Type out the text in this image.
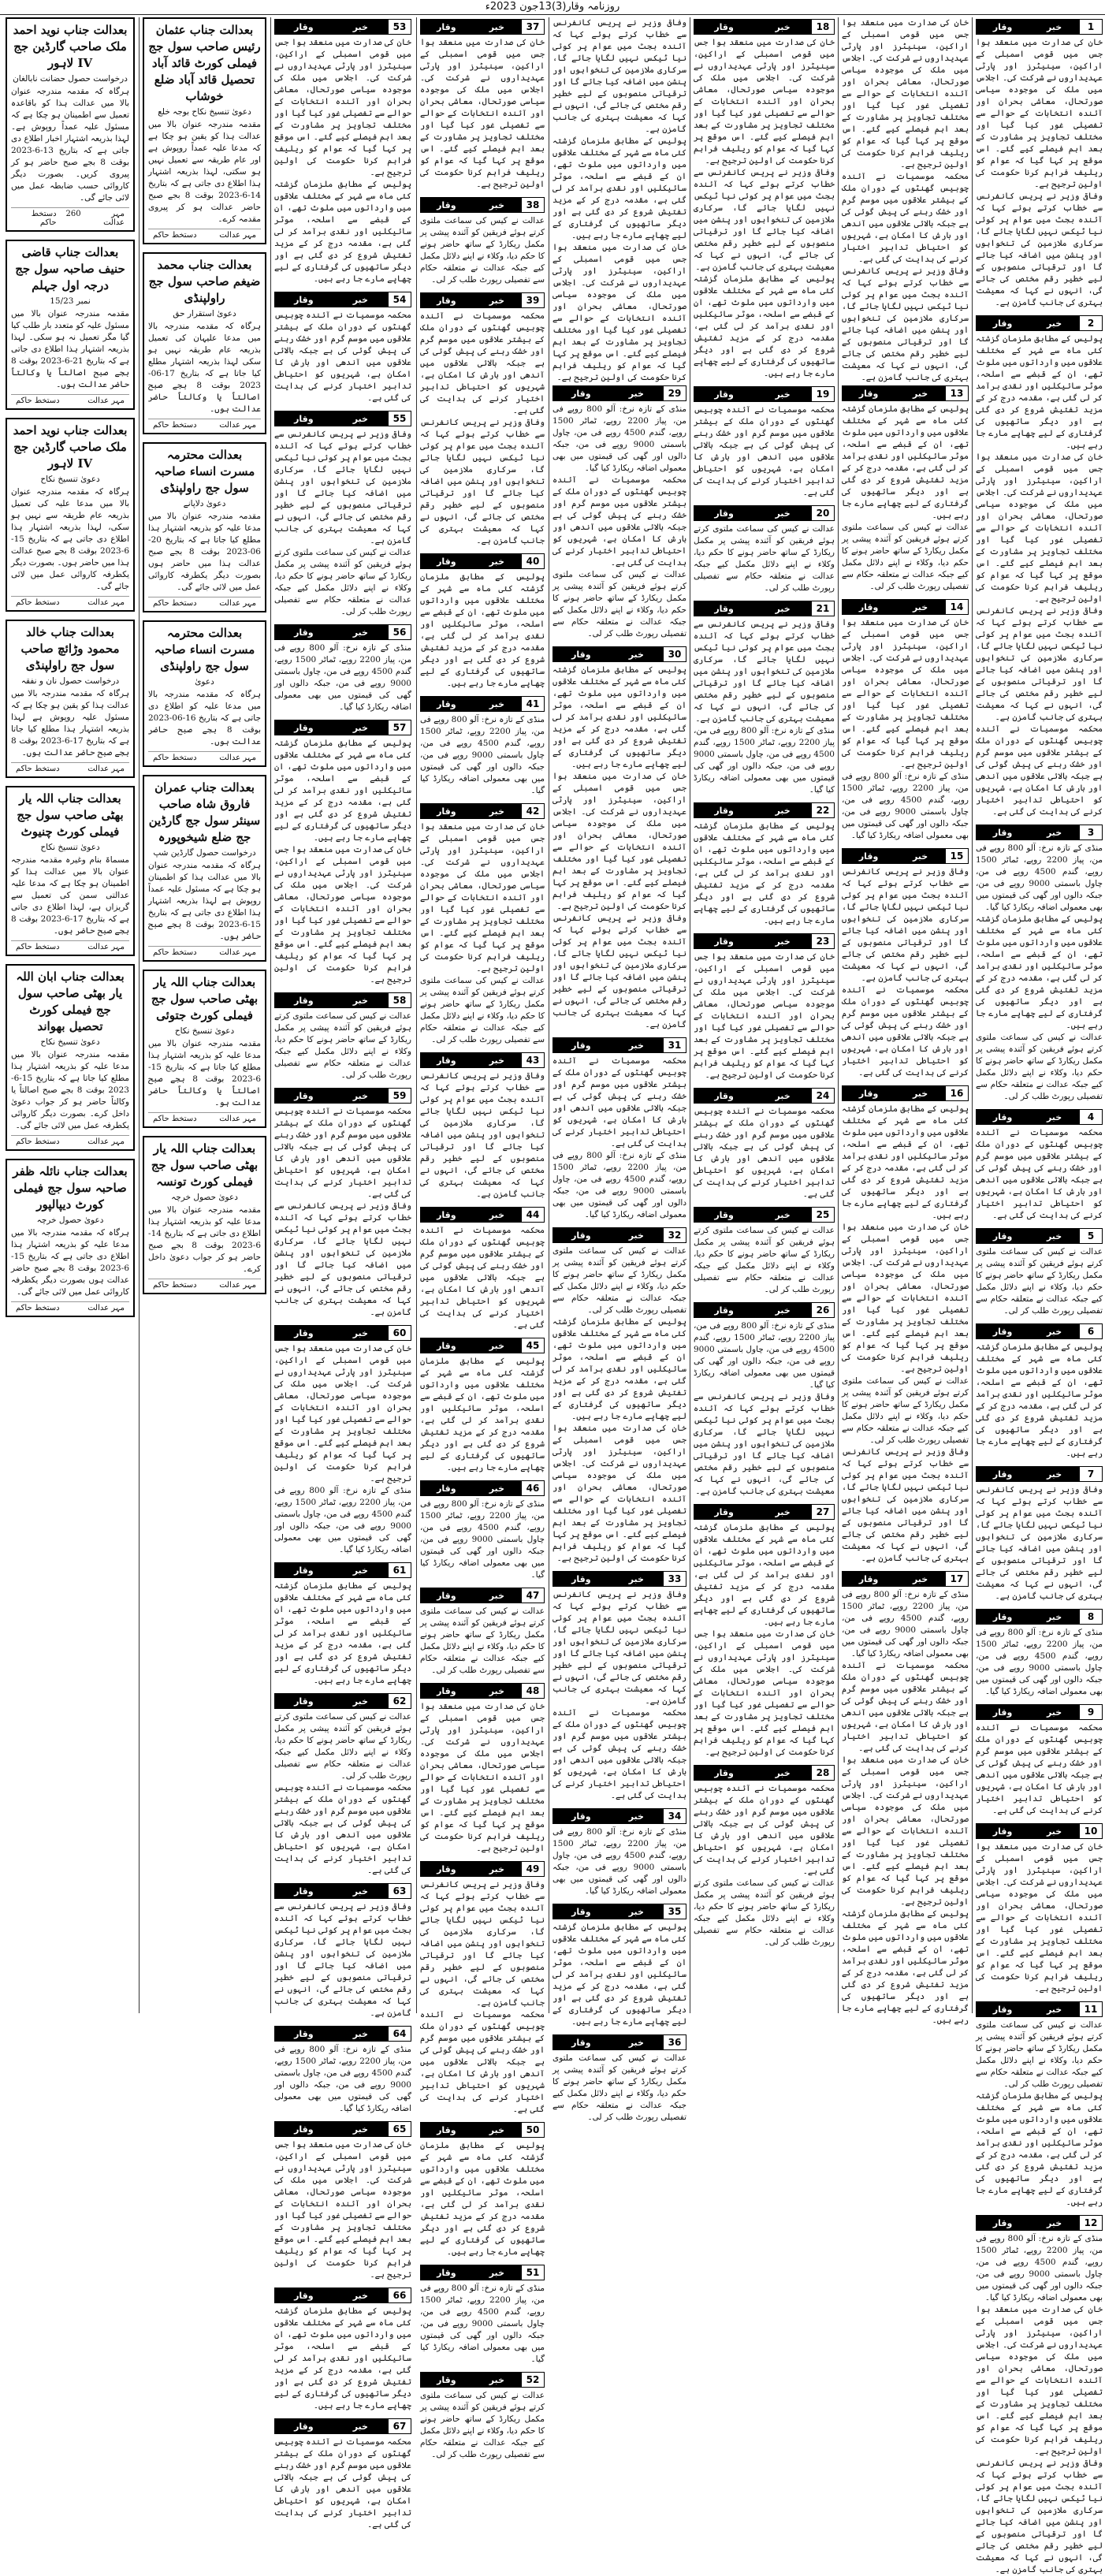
روزنامہ وقار(3)13جون 2023ء
1
خبر
وقار

خان کی صدارت میں منعقد ہوا جس میں قومی اسمبلی کے اراکین، سینیٹرز اور پارٹی عہدیداروں نے شرکت کی۔ اجلاس میں ملک کی موجودہ سیاسی صورتحال، معاشی بحران اور آئندہ انتخابات کے حوالے سے تفصیلی غور کیا گیا اور مختلف تجاویز پر مشاورت کے بعد اہم فیصلے کیے گئے۔ اس موقع پر کہا گیا کہ عوام کو ریلیف فراہم کرنا حکومت کی اولین ترجیح ہے۔

وفاقی وزیر نے پریس کانفرنس سے خطاب کرتے ہوئے کہا کہ آئندہ بجٹ میں عوام پر کوئی نیا ٹیکس نہیں لگایا جائے گا، سرکاری ملازمین کی تنخواہوں اور پنشن میں اضافہ کیا جائے گا اور ترقیاتی منصوبوں کے لیے خطیر رقم مختص کی جائے گی، انہوں نے کہا کہ معیشت بہتری کی جانب گامزن ہے۔

2
خبر
وقار

پولیس کے مطابق ملزمان گزشتہ کئی ماہ سے شہر کے مختلف علاقوں میں وارداتوں میں ملوث تھے، ان کے قبضے سے اسلحہ، موٹر سائیکلیں اور نقدی برآمد کر لی گئی ہے، مقدمہ درج کر کے مزید تفتیش شروع کر دی گئی ہے اور دیگر ساتھیوں کی گرفتاری کے لیے چھاپے مارے جا رہے ہیں۔

خان کی صدارت میں منعقد ہوا جس میں قومی اسمبلی کے اراکین، سینیٹرز اور پارٹی عہدیداروں نے شرکت کی۔ اجلاس میں ملک کی موجودہ سیاسی صورتحال، معاشی بحران اور آئندہ انتخابات کے حوالے سے تفصیلی غور کیا گیا اور مختلف تجاویز پر مشاورت کے بعد اہم فیصلے کیے گئے۔ اس موقع پر کہا گیا کہ عوام کو ریلیف فراہم کرنا حکومت کی اولین ترجیح ہے۔

وفاقی وزیر نے پریس کانفرنس سے خطاب کرتے ہوئے کہا کہ آئندہ بجٹ میں عوام پر کوئی نیا ٹیکس نہیں لگایا جائے گا، سرکاری ملازمین کی تنخواہوں اور پنشن میں اضافہ کیا جائے گا اور ترقیاتی منصوبوں کے لیے خطیر رقم مختص کی جائے گی، انہوں نے کہا کہ معیشت بہتری کی جانب گامزن ہے۔

محکمہ موسمیات نے آئندہ چوبیس گھنٹوں کے دوران ملک کے بیشتر علاقوں میں موسم گرم اور خشک رہنے کی پیش گوئی کی ہے جبکہ بالائی علاقوں میں آندھی اور بارش کا امکان ہے، شہریوں کو احتیاطی تدابیر اختیار کرنے کی ہدایت کی گئی ہے۔

3
خبر
وقار

منڈی کے تازہ نرخ: آلو 800 روپے فی من، پیاز 2200 روپے، ٹماٹر 1500 روپے، گندم 4500 روپے فی من، چاول باسمتی 9000 روپے فی من، جبکہ دالوں اور گھی کی قیمتوں میں بھی معمولی اضافہ ریکارڈ کیا گیا۔

پولیس کے مطابق ملزمان گزشتہ کئی ماہ سے شہر کے مختلف علاقوں میں وارداتوں میں ملوث تھے، ان کے قبضے سے اسلحہ، موٹر سائیکلیں اور نقدی برآمد کر لی گئی ہے، مقدمہ درج کر کے مزید تفتیش شروع کر دی گئی ہے اور دیگر ساتھیوں کی گرفتاری کے لیے چھاپے مارے جا رہے ہیں۔

عدالت نے کیس کی سماعت ملتوی کرتے ہوئے فریقین کو آئندہ پیشی پر مکمل ریکارڈ کے ساتھ حاضر ہونے کا حکم دیا، وکلاء نے اپنے دلائل مکمل کیے جبکہ عدالت نے متعلقہ حکام سے تفصیلی رپورٹ طلب کر لی۔

4
خبر
وقار

محکمہ موسمیات نے آئندہ چوبیس گھنٹوں کے دوران ملک کے بیشتر علاقوں میں موسم گرم اور خشک رہنے کی پیش گوئی کی ہے جبکہ بالائی علاقوں میں آندھی اور بارش کا امکان ہے، شہریوں کو احتیاطی تدابیر اختیار کرنے کی ہدایت کی گئی ہے۔

5
خبر
وقار

عدالت نے کیس کی سماعت ملتوی کرتے ہوئے فریقین کو آئندہ پیشی پر مکمل ریکارڈ کے ساتھ حاضر ہونے کا حکم دیا، وکلاء نے اپنے دلائل مکمل کیے جبکہ عدالت نے متعلقہ حکام سے تفصیلی رپورٹ طلب کر لی۔

6
خبر
وقار

پولیس کے مطابق ملزمان گزشتہ کئی ماہ سے شہر کے مختلف علاقوں میں وارداتوں میں ملوث تھے، ان کے قبضے سے اسلحہ، موٹر سائیکلیں اور نقدی برآمد کر لی گئی ہے، مقدمہ درج کر کے مزید تفتیش شروع کر دی گئی ہے اور دیگر ساتھیوں کی گرفتاری کے لیے چھاپے مارے جا رہے ہیں۔

7
خبر
وقار

وفاقی وزیر نے پریس کانفرنس سے خطاب کرتے ہوئے کہا کہ آئندہ بجٹ میں عوام پر کوئی نیا ٹیکس نہیں لگایا جائے گا، سرکاری ملازمین کی تنخواہوں اور پنشن میں اضافہ کیا جائے گا اور ترقیاتی منصوبوں کے لیے خطیر رقم مختص کی جائے گی، انہوں نے کہا کہ معیشت بہتری کی جانب گامزن ہے۔

8
خبر
وقار

منڈی کے تازہ نرخ: آلو 800 روپے فی من، پیاز 2200 روپے، ٹماٹر 1500 روپے، گندم 4500 روپے فی من، چاول باسمتی 9000 روپے فی من، جبکہ دالوں اور گھی کی قیمتوں میں بھی معمولی اضافہ ریکارڈ کیا گیا۔

9
خبر
وقار

محکمہ موسمیات نے آئندہ چوبیس گھنٹوں کے دوران ملک کے بیشتر علاقوں میں موسم گرم اور خشک رہنے کی پیش گوئی کی ہے جبکہ بالائی علاقوں میں آندھی اور بارش کا امکان ہے، شہریوں کو احتیاطی تدابیر اختیار کرنے کی ہدایت کی گئی ہے۔

10
خبر
وقار

خان کی صدارت میں منعقد ہوا جس میں قومی اسمبلی کے اراکین، سینیٹرز اور پارٹی عہدیداروں نے شرکت کی۔ اجلاس میں ملک کی موجودہ سیاسی صورتحال، معاشی بحران اور آئندہ انتخابات کے حوالے سے تفصیلی غور کیا گیا اور مختلف تجاویز پر مشاورت کے بعد اہم فیصلے کیے گئے۔ اس موقع پر کہا گیا کہ عوام کو ریلیف فراہم کرنا حکومت کی اولین ترجیح ہے۔

11
خبر
وقار

عدالت نے کیس کی سماعت ملتوی کرتے ہوئے فریقین کو آئندہ پیشی پر مکمل ریکارڈ کے ساتھ حاضر ہونے کا حکم دیا، وکلاء نے اپنے دلائل مکمل کیے جبکہ عدالت نے متعلقہ حکام سے تفصیلی رپورٹ طلب کر لی۔

پولیس کے مطابق ملزمان گزشتہ کئی ماہ سے شہر کے مختلف علاقوں میں وارداتوں میں ملوث تھے، ان کے قبضے سے اسلحہ، موٹر سائیکلیں اور نقدی برآمد کر لی گئی ہے، مقدمہ درج کر کے مزید تفتیش شروع کر دی گئی ہے اور دیگر ساتھیوں کی گرفتاری کے لیے چھاپے مارے جا رہے ہیں۔

12
خبر
وقار

منڈی کے تازہ نرخ: آلو 800 روپے فی من، پیاز 2200 روپے، ٹماٹر 1500 روپے، گندم 4500 روپے فی من، چاول باسمتی 9000 روپے فی من، جبکہ دالوں اور گھی کی قیمتوں میں بھی معمولی اضافہ ریکارڈ کیا گیا۔

خان کی صدارت میں منعقد ہوا جس میں قومی اسمبلی کے اراکین، سینیٹرز اور پارٹی عہدیداروں نے شرکت کی۔ اجلاس میں ملک کی موجودہ سیاسی صورتحال، معاشی بحران اور آئندہ انتخابات کے حوالے سے تفصیلی غور کیا گیا اور مختلف تجاویز پر مشاورت کے بعد اہم فیصلے کیے گئے۔ اس موقع پر کہا گیا کہ عوام کو ریلیف فراہم کرنا حکومت کی اولین ترجیح ہے۔

وفاقی وزیر نے پریس کانفرنس سے خطاب کرتے ہوئے کہا کہ آئندہ بجٹ میں عوام پر کوئی نیا ٹیکس نہیں لگایا جائے گا، سرکاری ملازمین کی تنخواہوں اور پنشن میں اضافہ کیا جائے گا اور ترقیاتی منصوبوں کے لیے خطیر رقم مختص کی جائے گی، انہوں نے کہا کہ معیشت بہتری کی جانب گامزن ہے۔

خان کی صدارت میں منعقد ہوا جس میں قومی اسمبلی کے اراکین، سینیٹرز اور پارٹی عہدیداروں نے شرکت کی۔ اجلاس میں ملک کی موجودہ سیاسی صورتحال، معاشی بحران اور آئندہ انتخابات کے حوالے سے تفصیلی غور کیا گیا اور مختلف تجاویز پر مشاورت کے بعد اہم فیصلے کیے گئے۔ اس موقع پر کہا گیا کہ عوام کو ریلیف فراہم کرنا حکومت کی اولین ترجیح ہے۔

محکمہ موسمیات نے آئندہ چوبیس گھنٹوں کے دوران ملک کے بیشتر علاقوں میں موسم گرم اور خشک رہنے کی پیش گوئی کی ہے جبکہ بالائی علاقوں میں آندھی اور بارش کا امکان ہے، شہریوں کو احتیاطی تدابیر اختیار کرنے کی ہدایت کی گئی ہے۔

وفاقی وزیر نے پریس کانفرنس سے خطاب کرتے ہوئے کہا کہ آئندہ بجٹ میں عوام پر کوئی نیا ٹیکس نہیں لگایا جائے گا، سرکاری ملازمین کی تنخواہوں اور پنشن میں اضافہ کیا جائے گا اور ترقیاتی منصوبوں کے لیے خطیر رقم مختص کی جائے گی، انہوں نے کہا کہ معیشت بہتری کی جانب گامزن ہے۔

13
خبر
وقار

پولیس کے مطابق ملزمان گزشتہ کئی ماہ سے شہر کے مختلف علاقوں میں وارداتوں میں ملوث تھے، ان کے قبضے سے اسلحہ، موٹر سائیکلیں اور نقدی برآمد کر لی گئی ہے، مقدمہ درج کر کے مزید تفتیش شروع کر دی گئی ہے اور دیگر ساتھیوں کی گرفتاری کے لیے چھاپے مارے جا رہے ہیں۔

عدالت نے کیس کی سماعت ملتوی کرتے ہوئے فریقین کو آئندہ پیشی پر مکمل ریکارڈ کے ساتھ حاضر ہونے کا حکم دیا، وکلاء نے اپنے دلائل مکمل کیے جبکہ عدالت نے متعلقہ حکام سے تفصیلی رپورٹ طلب کر لی۔

14
خبر
وقار

خان کی صدارت میں منعقد ہوا جس میں قومی اسمبلی کے اراکین، سینیٹرز اور پارٹی عہدیداروں نے شرکت کی۔ اجلاس میں ملک کی موجودہ سیاسی صورتحال، معاشی بحران اور آئندہ انتخابات کے حوالے سے تفصیلی غور کیا گیا اور مختلف تجاویز پر مشاورت کے بعد اہم فیصلے کیے گئے۔ اس موقع پر کہا گیا کہ عوام کو ریلیف فراہم کرنا حکومت کی اولین ترجیح ہے۔

منڈی کے تازہ نرخ: آلو 800 روپے فی من، پیاز 2200 روپے، ٹماٹر 1500 روپے، گندم 4500 روپے فی من، چاول باسمتی 9000 روپے فی من، جبکہ دالوں اور گھی کی قیمتوں میں بھی معمولی اضافہ ریکارڈ کیا گیا۔

15
خبر
وقار

وفاقی وزیر نے پریس کانفرنس سے خطاب کرتے ہوئے کہا کہ آئندہ بجٹ میں عوام پر کوئی نیا ٹیکس نہیں لگایا جائے گا، سرکاری ملازمین کی تنخواہوں اور پنشن میں اضافہ کیا جائے گا اور ترقیاتی منصوبوں کے لیے خطیر رقم مختص کی جائے گی، انہوں نے کہا کہ معیشت بہتری کی جانب گامزن ہے۔

محکمہ موسمیات نے آئندہ چوبیس گھنٹوں کے دوران ملک کے بیشتر علاقوں میں موسم گرم اور خشک رہنے کی پیش گوئی کی ہے جبکہ بالائی علاقوں میں آندھی اور بارش کا امکان ہے، شہریوں کو احتیاطی تدابیر اختیار کرنے کی ہدایت کی گئی ہے۔

16
خبر
وقار

پولیس کے مطابق ملزمان گزشتہ کئی ماہ سے شہر کے مختلف علاقوں میں وارداتوں میں ملوث تھے، ان کے قبضے سے اسلحہ، موٹر سائیکلیں اور نقدی برآمد کر لی گئی ہے، مقدمہ درج کر کے مزید تفتیش شروع کر دی گئی ہے اور دیگر ساتھیوں کی گرفتاری کے لیے چھاپے مارے جا رہے ہیں۔

خان کی صدارت میں منعقد ہوا جس میں قومی اسمبلی کے اراکین، سینیٹرز اور پارٹی عہدیداروں نے شرکت کی۔ اجلاس میں ملک کی موجودہ سیاسی صورتحال، معاشی بحران اور آئندہ انتخابات کے حوالے سے تفصیلی غور کیا گیا اور مختلف تجاویز پر مشاورت کے بعد اہم فیصلے کیے گئے۔ اس موقع پر کہا گیا کہ عوام کو ریلیف فراہم کرنا حکومت کی اولین ترجیح ہے۔

عدالت نے کیس کی سماعت ملتوی کرتے ہوئے فریقین کو آئندہ پیشی پر مکمل ریکارڈ کے ساتھ حاضر ہونے کا حکم دیا، وکلاء نے اپنے دلائل مکمل کیے جبکہ عدالت نے متعلقہ حکام سے تفصیلی رپورٹ طلب کر لی۔

وفاقی وزیر نے پریس کانفرنس سے خطاب کرتے ہوئے کہا کہ آئندہ بجٹ میں عوام پر کوئی نیا ٹیکس نہیں لگایا جائے گا، سرکاری ملازمین کی تنخواہوں اور پنشن میں اضافہ کیا جائے گا اور ترقیاتی منصوبوں کے لیے خطیر رقم مختص کی جائے گی، انہوں نے کہا کہ معیشت بہتری کی جانب گامزن ہے۔

17
خبر
وقار

منڈی کے تازہ نرخ: آلو 800 روپے فی من، پیاز 2200 روپے، ٹماٹر 1500 روپے، گندم 4500 روپے فی من، چاول باسمتی 9000 روپے فی من، جبکہ دالوں اور گھی کی قیمتوں میں بھی معمولی اضافہ ریکارڈ کیا گیا۔

محکمہ موسمیات نے آئندہ چوبیس گھنٹوں کے دوران ملک کے بیشتر علاقوں میں موسم گرم اور خشک رہنے کی پیش گوئی کی ہے جبکہ بالائی علاقوں میں آندھی اور بارش کا امکان ہے، شہریوں کو احتیاطی تدابیر اختیار کرنے کی ہدایت کی گئی ہے۔

خان کی صدارت میں منعقد ہوا جس میں قومی اسمبلی کے اراکین، سینیٹرز اور پارٹی عہدیداروں نے شرکت کی۔ اجلاس میں ملک کی موجودہ سیاسی صورتحال، معاشی بحران اور آئندہ انتخابات کے حوالے سے تفصیلی غور کیا گیا اور مختلف تجاویز پر مشاورت کے بعد اہم فیصلے کیے گئے۔ اس موقع پر کہا گیا کہ عوام کو ریلیف فراہم کرنا حکومت کی اولین ترجیح ہے۔

پولیس کے مطابق ملزمان گزشتہ کئی ماہ سے شہر کے مختلف علاقوں میں وارداتوں میں ملوث تھے، ان کے قبضے سے اسلحہ، موٹر سائیکلیں اور نقدی برآمد کر لی گئی ہے، مقدمہ درج کر کے مزید تفتیش شروع کر دی گئی ہے اور دیگر ساتھیوں کی گرفتاری کے لیے چھاپے مارے جا رہے ہیں۔

18
خبر
وقار

خان کی صدارت میں منعقد ہوا جس میں قومی اسمبلی کے اراکین، سینیٹرز اور پارٹی عہدیداروں نے شرکت کی۔ اجلاس میں ملک کی موجودہ سیاسی صورتحال، معاشی بحران اور آئندہ انتخابات کے حوالے سے تفصیلی غور کیا گیا اور مختلف تجاویز پر مشاورت کے بعد اہم فیصلے کیے گئے۔ اس موقع پر کہا گیا کہ عوام کو ریلیف فراہم کرنا حکومت کی اولین ترجیح ہے۔

وفاقی وزیر نے پریس کانفرنس سے خطاب کرتے ہوئے کہا کہ آئندہ بجٹ میں عوام پر کوئی نیا ٹیکس نہیں لگایا جائے گا، سرکاری ملازمین کی تنخواہوں اور پنشن میں اضافہ کیا جائے گا اور ترقیاتی منصوبوں کے لیے خطیر رقم مختص کی جائے گی، انہوں نے کہا کہ معیشت بہتری کی جانب گامزن ہے۔

پولیس کے مطابق ملزمان گزشتہ کئی ماہ سے شہر کے مختلف علاقوں میں وارداتوں میں ملوث تھے، ان کے قبضے سے اسلحہ، موٹر سائیکلیں اور نقدی برآمد کر لی گئی ہے، مقدمہ درج کر کے مزید تفتیش شروع کر دی گئی ہے اور دیگر ساتھیوں کی گرفتاری کے لیے چھاپے مارے جا رہے ہیں۔

19
خبر
وقار

محکمہ موسمیات نے آئندہ چوبیس گھنٹوں کے دوران ملک کے بیشتر علاقوں میں موسم گرم اور خشک رہنے کی پیش گوئی کی ہے جبکہ بالائی علاقوں میں آندھی اور بارش کا امکان ہے، شہریوں کو احتیاطی تدابیر اختیار کرنے کی ہدایت کی گئی ہے۔

20
خبر
وقار

عدالت نے کیس کی سماعت ملتوی کرتے ہوئے فریقین کو آئندہ پیشی پر مکمل ریکارڈ کے ساتھ حاضر ہونے کا حکم دیا، وکلاء نے اپنے دلائل مکمل کیے جبکہ عدالت نے متعلقہ حکام سے تفصیلی رپورٹ طلب کر لی۔

21
خبر
وقار

وفاقی وزیر نے پریس کانفرنس سے خطاب کرتے ہوئے کہا کہ آئندہ بجٹ میں عوام پر کوئی نیا ٹیکس نہیں لگایا جائے گا، سرکاری ملازمین کی تنخواہوں اور پنشن میں اضافہ کیا جائے گا اور ترقیاتی منصوبوں کے لیے خطیر رقم مختص کی جائے گی، انہوں نے کہا کہ معیشت بہتری کی جانب گامزن ہے۔

منڈی کے تازہ نرخ: آلو 800 روپے فی من، پیاز 2200 روپے، ٹماٹر 1500 روپے، گندم 4500 روپے فی من، چاول باسمتی 9000 روپے فی من، جبکہ دالوں اور گھی کی قیمتوں میں بھی معمولی اضافہ ریکارڈ کیا گیا۔

22
خبر
وقار

پولیس کے مطابق ملزمان گزشتہ کئی ماہ سے شہر کے مختلف علاقوں میں وارداتوں میں ملوث تھے، ان کے قبضے سے اسلحہ، موٹر سائیکلیں اور نقدی برآمد کر لی گئی ہے، مقدمہ درج کر کے مزید تفتیش شروع کر دی گئی ہے اور دیگر ساتھیوں کی گرفتاری کے لیے چھاپے مارے جا رہے ہیں۔

23
خبر
وقار

خان کی صدارت میں منعقد ہوا جس میں قومی اسمبلی کے اراکین، سینیٹرز اور پارٹی عہدیداروں نے شرکت کی۔ اجلاس میں ملک کی موجودہ سیاسی صورتحال، معاشی بحران اور آئندہ انتخابات کے حوالے سے تفصیلی غور کیا گیا اور مختلف تجاویز پر مشاورت کے بعد اہم فیصلے کیے گئے۔ اس موقع پر کہا گیا کہ عوام کو ریلیف فراہم کرنا حکومت کی اولین ترجیح ہے۔

24
خبر
وقار

محکمہ موسمیات نے آئندہ چوبیس گھنٹوں کے دوران ملک کے بیشتر علاقوں میں موسم گرم اور خشک رہنے کی پیش گوئی کی ہے جبکہ بالائی علاقوں میں آندھی اور بارش کا امکان ہے، شہریوں کو احتیاطی تدابیر اختیار کرنے کی ہدایت کی گئی ہے۔

25
خبر
وقار

عدالت نے کیس کی سماعت ملتوی کرتے ہوئے فریقین کو آئندہ پیشی پر مکمل ریکارڈ کے ساتھ حاضر ہونے کا حکم دیا، وکلاء نے اپنے دلائل مکمل کیے جبکہ عدالت نے متعلقہ حکام سے تفصیلی رپورٹ طلب کر لی۔

26
خبر
وقار

منڈی کے تازہ نرخ: آلو 800 روپے فی من، پیاز 2200 روپے، ٹماٹر 1500 روپے، گندم 4500 روپے فی من، چاول باسمتی 9000 روپے فی من، جبکہ دالوں اور گھی کی قیمتوں میں بھی معمولی اضافہ ریکارڈ کیا گیا۔

وفاقی وزیر نے پریس کانفرنس سے خطاب کرتے ہوئے کہا کہ آئندہ بجٹ میں عوام پر کوئی نیا ٹیکس نہیں لگایا جائے گا، سرکاری ملازمین کی تنخواہوں اور پنشن میں اضافہ کیا جائے گا اور ترقیاتی منصوبوں کے لیے خطیر رقم مختص کی جائے گی، انہوں نے کہا کہ معیشت بہتری کی جانب گامزن ہے۔

27
خبر
وقار

پولیس کے مطابق ملزمان گزشتہ کئی ماہ سے شہر کے مختلف علاقوں میں وارداتوں میں ملوث تھے، ان کے قبضے سے اسلحہ، موٹر سائیکلیں اور نقدی برآمد کر لی گئی ہے، مقدمہ درج کر کے مزید تفتیش شروع کر دی گئی ہے اور دیگر ساتھیوں کی گرفتاری کے لیے چھاپے مارے جا رہے ہیں۔

خان کی صدارت میں منعقد ہوا جس میں قومی اسمبلی کے اراکین، سینیٹرز اور پارٹی عہدیداروں نے شرکت کی۔ اجلاس میں ملک کی موجودہ سیاسی صورتحال، معاشی بحران اور آئندہ انتخابات کے حوالے سے تفصیلی غور کیا گیا اور مختلف تجاویز پر مشاورت کے بعد اہم فیصلے کیے گئے۔ اس موقع پر کہا گیا کہ عوام کو ریلیف فراہم کرنا حکومت کی اولین ترجیح ہے۔

28
خبر
وقار

محکمہ موسمیات نے آئندہ چوبیس گھنٹوں کے دوران ملک کے بیشتر علاقوں میں موسم گرم اور خشک رہنے کی پیش گوئی کی ہے جبکہ بالائی علاقوں میں آندھی اور بارش کا امکان ہے، شہریوں کو احتیاطی تدابیر اختیار کرنے کی ہدایت کی گئی ہے۔

عدالت نے کیس کی سماعت ملتوی کرتے ہوئے فریقین کو آئندہ پیشی پر مکمل ریکارڈ کے ساتھ حاضر ہونے کا حکم دیا، وکلاء نے اپنے دلائل مکمل کیے جبکہ عدالت نے متعلقہ حکام سے تفصیلی رپورٹ طلب کر لی۔

وفاقی وزیر نے پریس کانفرنس سے خطاب کرتے ہوئے کہا کہ آئندہ بجٹ میں عوام پر کوئی نیا ٹیکس نہیں لگایا جائے گا، سرکاری ملازمین کی تنخواہوں اور پنشن میں اضافہ کیا جائے گا اور ترقیاتی منصوبوں کے لیے خطیر رقم مختص کی جائے گی، انہوں نے کہا کہ معیشت بہتری کی جانب گامزن ہے۔

پولیس کے مطابق ملزمان گزشتہ کئی ماہ سے شہر کے مختلف علاقوں میں وارداتوں میں ملوث تھے، ان کے قبضے سے اسلحہ، موٹر سائیکلیں اور نقدی برآمد کر لی گئی ہے، مقدمہ درج کر کے مزید تفتیش شروع کر دی گئی ہے اور دیگر ساتھیوں کی گرفتاری کے لیے چھاپے مارے جا رہے ہیں۔

خان کی صدارت میں منعقد ہوا جس میں قومی اسمبلی کے اراکین، سینیٹرز اور پارٹی عہدیداروں نے شرکت کی۔ اجلاس میں ملک کی موجودہ سیاسی صورتحال، معاشی بحران اور آئندہ انتخابات کے حوالے سے تفصیلی غور کیا گیا اور مختلف تجاویز پر مشاورت کے بعد اہم فیصلے کیے گئے۔ اس موقع پر کہا گیا کہ عوام کو ریلیف فراہم کرنا حکومت کی اولین ترجیح ہے۔

29
خبر
وقار

منڈی کے تازہ نرخ: آلو 800 روپے فی من، پیاز 2200 روپے، ٹماٹر 1500 روپے، گندم 4500 روپے فی من، چاول باسمتی 9000 روپے فی من، جبکہ دالوں اور گھی کی قیمتوں میں بھی معمولی اضافہ ریکارڈ کیا گیا۔

محکمہ موسمیات نے آئندہ چوبیس گھنٹوں کے دوران ملک کے بیشتر علاقوں میں موسم گرم اور خشک رہنے کی پیش گوئی کی ہے جبکہ بالائی علاقوں میں آندھی اور بارش کا امکان ہے، شہریوں کو احتیاطی تدابیر اختیار کرنے کی ہدایت کی گئی ہے۔

عدالت نے کیس کی سماعت ملتوی کرتے ہوئے فریقین کو آئندہ پیشی پر مکمل ریکارڈ کے ساتھ حاضر ہونے کا حکم دیا، وکلاء نے اپنے دلائل مکمل کیے جبکہ عدالت نے متعلقہ حکام سے تفصیلی رپورٹ طلب کر لی۔

30
خبر
وقار

پولیس کے مطابق ملزمان گزشتہ کئی ماہ سے شہر کے مختلف علاقوں میں وارداتوں میں ملوث تھے، ان کے قبضے سے اسلحہ، موٹر سائیکلیں اور نقدی برآمد کر لی گئی ہے، مقدمہ درج کر کے مزید تفتیش شروع کر دی گئی ہے اور دیگر ساتھیوں کی گرفتاری کے لیے چھاپے مارے جا رہے ہیں۔

خان کی صدارت میں منعقد ہوا جس میں قومی اسمبلی کے اراکین، سینیٹرز اور پارٹی عہدیداروں نے شرکت کی۔ اجلاس میں ملک کی موجودہ سیاسی صورتحال، معاشی بحران اور آئندہ انتخابات کے حوالے سے تفصیلی غور کیا گیا اور مختلف تجاویز پر مشاورت کے بعد اہم فیصلے کیے گئے۔ اس موقع پر کہا گیا کہ عوام کو ریلیف فراہم کرنا حکومت کی اولین ترجیح ہے۔

وفاقی وزیر نے پریس کانفرنس سے خطاب کرتے ہوئے کہا کہ آئندہ بجٹ میں عوام پر کوئی نیا ٹیکس نہیں لگایا جائے گا، سرکاری ملازمین کی تنخواہوں اور پنشن میں اضافہ کیا جائے گا اور ترقیاتی منصوبوں کے لیے خطیر رقم مختص کی جائے گی، انہوں نے کہا کہ معیشت بہتری کی جانب گامزن ہے۔

31
خبر
وقار

محکمہ موسمیات نے آئندہ چوبیس گھنٹوں کے دوران ملک کے بیشتر علاقوں میں موسم گرم اور خشک رہنے کی پیش گوئی کی ہے جبکہ بالائی علاقوں میں آندھی اور بارش کا امکان ہے، شہریوں کو احتیاطی تدابیر اختیار کرنے کی ہدایت کی گئی ہے۔

منڈی کے تازہ نرخ: آلو 800 روپے فی من، پیاز 2200 روپے، ٹماٹر 1500 روپے، گندم 4500 روپے فی من، چاول باسمتی 9000 روپے فی من، جبکہ دالوں اور گھی کی قیمتوں میں بھی معمولی اضافہ ریکارڈ کیا گیا۔

32
خبر
وقار

عدالت نے کیس کی سماعت ملتوی کرتے ہوئے فریقین کو آئندہ پیشی پر مکمل ریکارڈ کے ساتھ حاضر ہونے کا حکم دیا، وکلاء نے اپنے دلائل مکمل کیے جبکہ عدالت نے متعلقہ حکام سے تفصیلی رپورٹ طلب کر لی۔

پولیس کے مطابق ملزمان گزشتہ کئی ماہ سے شہر کے مختلف علاقوں میں وارداتوں میں ملوث تھے، ان کے قبضے سے اسلحہ، موٹر سائیکلیں اور نقدی برآمد کر لی گئی ہے، مقدمہ درج کر کے مزید تفتیش شروع کر دی گئی ہے اور دیگر ساتھیوں کی گرفتاری کے لیے چھاپے مارے جا رہے ہیں۔

خان کی صدارت میں منعقد ہوا جس میں قومی اسمبلی کے اراکین، سینیٹرز اور پارٹی عہدیداروں نے شرکت کی۔ اجلاس میں ملک کی موجودہ سیاسی صورتحال، معاشی بحران اور آئندہ انتخابات کے حوالے سے تفصیلی غور کیا گیا اور مختلف تجاویز پر مشاورت کے بعد اہم فیصلے کیے گئے۔ اس موقع پر کہا گیا کہ عوام کو ریلیف فراہم کرنا حکومت کی اولین ترجیح ہے۔

33
خبر
وقار

وفاقی وزیر نے پریس کانفرنس سے خطاب کرتے ہوئے کہا کہ آئندہ بجٹ میں عوام پر کوئی نیا ٹیکس نہیں لگایا جائے گا، سرکاری ملازمین کی تنخواہوں اور پنشن میں اضافہ کیا جائے گا اور ترقیاتی منصوبوں کے لیے خطیر رقم مختص کی جائے گی، انہوں نے کہا کہ معیشت بہتری کی جانب گامزن ہے۔

محکمہ موسمیات نے آئندہ چوبیس گھنٹوں کے دوران ملک کے بیشتر علاقوں میں موسم گرم اور خشک رہنے کی پیش گوئی کی ہے جبکہ بالائی علاقوں میں آندھی اور بارش کا امکان ہے، شہریوں کو احتیاطی تدابیر اختیار کرنے کی ہدایت کی گئی ہے۔

34
خبر
وقار

منڈی کے تازہ نرخ: آلو 800 روپے فی من، پیاز 2200 روپے، ٹماٹر 1500 روپے، گندم 4500 روپے فی من، چاول باسمتی 9000 روپے فی من، جبکہ دالوں اور گھی کی قیمتوں میں بھی معمولی اضافہ ریکارڈ کیا گیا۔

35
خبر
وقار

پولیس کے مطابق ملزمان گزشتہ کئی ماہ سے شہر کے مختلف علاقوں میں وارداتوں میں ملوث تھے، ان کے قبضے سے اسلحہ، موٹر سائیکلیں اور نقدی برآمد کر لی گئی ہے، مقدمہ درج کر کے مزید تفتیش شروع کر دی گئی ہے اور دیگر ساتھیوں کی گرفتاری کے لیے چھاپے مارے جا رہے ہیں۔

36
خبر
وقار

عدالت نے کیس کی سماعت ملتوی کرتے ہوئے فریقین کو آئندہ پیشی پر مکمل ریکارڈ کے ساتھ حاضر ہونے کا حکم دیا، وکلاء نے اپنے دلائل مکمل کیے جبکہ عدالت نے متعلقہ حکام سے تفصیلی رپورٹ طلب کر لی۔

37
خبر
وقار

خان کی صدارت میں منعقد ہوا جس میں قومی اسمبلی کے اراکین، سینیٹرز اور پارٹی عہدیداروں نے شرکت کی۔ اجلاس میں ملک کی موجودہ سیاسی صورتحال، معاشی بحران اور آئندہ انتخابات کے حوالے سے تفصیلی غور کیا گیا اور مختلف تجاویز پر مشاورت کے بعد اہم فیصلے کیے گئے۔ اس موقع پر کہا گیا کہ عوام کو ریلیف فراہم کرنا حکومت کی اولین ترجیح ہے۔

38
خبر
وقار

عدالت نے کیس کی سماعت ملتوی کرتے ہوئے فریقین کو آئندہ پیشی پر مکمل ریکارڈ کے ساتھ حاضر ہونے کا حکم دیا، وکلاء نے اپنے دلائل مکمل کیے جبکہ عدالت نے متعلقہ حکام سے تفصیلی رپورٹ طلب کر لی۔

39
خبر
وقار

محکمہ موسمیات نے آئندہ چوبیس گھنٹوں کے دوران ملک کے بیشتر علاقوں میں موسم گرم اور خشک رہنے کی پیش گوئی کی ہے جبکہ بالائی علاقوں میں آندھی اور بارش کا امکان ہے، شہریوں کو احتیاطی تدابیر اختیار کرنے کی ہدایت کی گئی ہے۔

وفاقی وزیر نے پریس کانفرنس سے خطاب کرتے ہوئے کہا کہ آئندہ بجٹ میں عوام پر کوئی نیا ٹیکس نہیں لگایا جائے گا، سرکاری ملازمین کی تنخواہوں اور پنشن میں اضافہ کیا جائے گا اور ترقیاتی منصوبوں کے لیے خطیر رقم مختص کی جائے گی، انہوں نے کہا کہ معیشت بہتری کی جانب گامزن ہے۔

40
خبر
وقار

پولیس کے مطابق ملزمان گزشتہ کئی ماہ سے شہر کے مختلف علاقوں میں وارداتوں میں ملوث تھے، ان کے قبضے سے اسلحہ، موٹر سائیکلیں اور نقدی برآمد کر لی گئی ہے، مقدمہ درج کر کے مزید تفتیش شروع کر دی گئی ہے اور دیگر ساتھیوں کی گرفتاری کے لیے چھاپے مارے جا رہے ہیں۔

41
خبر
وقار

منڈی کے تازہ نرخ: آلو 800 روپے فی من، پیاز 2200 روپے، ٹماٹر 1500 روپے، گندم 4500 روپے فی من، چاول باسمتی 9000 روپے فی من، جبکہ دالوں اور گھی کی قیمتوں میں بھی معمولی اضافہ ریکارڈ کیا گیا۔

42
خبر
وقار

خان کی صدارت میں منعقد ہوا جس میں قومی اسمبلی کے اراکین، سینیٹرز اور پارٹی عہدیداروں نے شرکت کی۔ اجلاس میں ملک کی موجودہ سیاسی صورتحال، معاشی بحران اور آئندہ انتخابات کے حوالے سے تفصیلی غور کیا گیا اور مختلف تجاویز پر مشاورت کے بعد اہم فیصلے کیے گئے۔ اس موقع پر کہا گیا کہ عوام کو ریلیف فراہم کرنا حکومت کی اولین ترجیح ہے۔

عدالت نے کیس کی سماعت ملتوی کرتے ہوئے فریقین کو آئندہ پیشی پر مکمل ریکارڈ کے ساتھ حاضر ہونے کا حکم دیا، وکلاء نے اپنے دلائل مکمل کیے جبکہ عدالت نے متعلقہ حکام سے تفصیلی رپورٹ طلب کر لی۔

43
خبر
وقار

وفاقی وزیر نے پریس کانفرنس سے خطاب کرتے ہوئے کہا کہ آئندہ بجٹ میں عوام پر کوئی نیا ٹیکس نہیں لگایا جائے گا، سرکاری ملازمین کی تنخواہوں اور پنشن میں اضافہ کیا جائے گا اور ترقیاتی منصوبوں کے لیے خطیر رقم مختص کی جائے گی، انہوں نے کہا کہ معیشت بہتری کی جانب گامزن ہے۔

44
خبر
وقار

محکمہ موسمیات نے آئندہ چوبیس گھنٹوں کے دوران ملک کے بیشتر علاقوں میں موسم گرم اور خشک رہنے کی پیش گوئی کی ہے جبکہ بالائی علاقوں میں آندھی اور بارش کا امکان ہے، شہریوں کو احتیاطی تدابیر اختیار کرنے کی ہدایت کی گئی ہے۔

45
خبر
وقار

پولیس کے مطابق ملزمان گزشتہ کئی ماہ سے شہر کے مختلف علاقوں میں وارداتوں میں ملوث تھے، ان کے قبضے سے اسلحہ، موٹر سائیکلیں اور نقدی برآمد کر لی گئی ہے، مقدمہ درج کر کے مزید تفتیش شروع کر دی گئی ہے اور دیگر ساتھیوں کی گرفتاری کے لیے چھاپے مارے جا رہے ہیں۔

46
خبر
وقار

منڈی کے تازہ نرخ: آلو 800 روپے فی من، پیاز 2200 روپے، ٹماٹر 1500 روپے، گندم 4500 روپے فی من، چاول باسمتی 9000 روپے فی من، جبکہ دالوں اور گھی کی قیمتوں میں بھی معمولی اضافہ ریکارڈ کیا گیا۔

47
خبر
وقار

عدالت نے کیس کی سماعت ملتوی کرتے ہوئے فریقین کو آئندہ پیشی پر مکمل ریکارڈ کے ساتھ حاضر ہونے کا حکم دیا، وکلاء نے اپنے دلائل مکمل کیے جبکہ عدالت نے متعلقہ حکام سے تفصیلی رپورٹ طلب کر لی۔

48
خبر
وقار

خان کی صدارت میں منعقد ہوا جس میں قومی اسمبلی کے اراکین، سینیٹرز اور پارٹی عہدیداروں نے شرکت کی۔ اجلاس میں ملک کی موجودہ سیاسی صورتحال، معاشی بحران اور آئندہ انتخابات کے حوالے سے تفصیلی غور کیا گیا اور مختلف تجاویز پر مشاورت کے بعد اہم فیصلے کیے گئے۔ اس موقع پر کہا گیا کہ عوام کو ریلیف فراہم کرنا حکومت کی اولین ترجیح ہے۔

49
خبر
وقار

وفاقی وزیر نے پریس کانفرنس سے خطاب کرتے ہوئے کہا کہ آئندہ بجٹ میں عوام پر کوئی نیا ٹیکس نہیں لگایا جائے گا، سرکاری ملازمین کی تنخواہوں اور پنشن میں اضافہ کیا جائے گا اور ترقیاتی منصوبوں کے لیے خطیر رقم مختص کی جائے گی، انہوں نے کہا کہ معیشت بہتری کی جانب گامزن ہے۔

محکمہ موسمیات نے آئندہ چوبیس گھنٹوں کے دوران ملک کے بیشتر علاقوں میں موسم گرم اور خشک رہنے کی پیش گوئی کی ہے جبکہ بالائی علاقوں میں آندھی اور بارش کا امکان ہے، شہریوں کو احتیاطی تدابیر اختیار کرنے کی ہدایت کی گئی ہے۔

50
خبر
وقار

پولیس کے مطابق ملزمان گزشتہ کئی ماہ سے شہر کے مختلف علاقوں میں وارداتوں میں ملوث تھے، ان کے قبضے سے اسلحہ، موٹر سائیکلیں اور نقدی برآمد کر لی گئی ہے، مقدمہ درج کر کے مزید تفتیش شروع کر دی گئی ہے اور دیگر ساتھیوں کی گرفتاری کے لیے چھاپے مارے جا رہے ہیں۔

51
خبر
وقار

منڈی کے تازہ نرخ: آلو 800 روپے فی من، پیاز 2200 روپے، ٹماٹر 1500 روپے، گندم 4500 روپے فی من، چاول باسمتی 9000 روپے فی من، جبکہ دالوں اور گھی کی قیمتوں میں بھی معمولی اضافہ ریکارڈ کیا گیا۔

52
خبر
وقار

عدالت نے کیس کی سماعت ملتوی کرتے ہوئے فریقین کو آئندہ پیشی پر مکمل ریکارڈ کے ساتھ حاضر ہونے کا حکم دیا، وکلاء نے اپنے دلائل مکمل کیے جبکہ عدالت نے متعلقہ حکام سے تفصیلی رپورٹ طلب کر لی۔

53
خبر
وقار

خان کی صدارت میں منعقد ہوا جس میں قومی اسمبلی کے اراکین، سینیٹرز اور پارٹی عہدیداروں نے شرکت کی۔ اجلاس میں ملک کی موجودہ سیاسی صورتحال، معاشی بحران اور آئندہ انتخابات کے حوالے سے تفصیلی غور کیا گیا اور مختلف تجاویز پر مشاورت کے بعد اہم فیصلے کیے گئے۔ اس موقع پر کہا گیا کہ عوام کو ریلیف فراہم کرنا حکومت کی اولین ترجیح ہے۔

پولیس کے مطابق ملزمان گزشتہ کئی ماہ سے شہر کے مختلف علاقوں میں وارداتوں میں ملوث تھے، ان کے قبضے سے اسلحہ، موٹر سائیکلیں اور نقدی برآمد کر لی گئی ہے، مقدمہ درج کر کے مزید تفتیش شروع کر دی گئی ہے اور دیگر ساتھیوں کی گرفتاری کے لیے چھاپے مارے جا رہے ہیں۔

54
خبر
وقار

محکمہ موسمیات نے آئندہ چوبیس گھنٹوں کے دوران ملک کے بیشتر علاقوں میں موسم گرم اور خشک رہنے کی پیش گوئی کی ہے جبکہ بالائی علاقوں میں آندھی اور بارش کا امکان ہے، شہریوں کو احتیاطی تدابیر اختیار کرنے کی ہدایت کی گئی ہے۔

55
خبر
وقار

وفاقی وزیر نے پریس کانفرنس سے خطاب کرتے ہوئے کہا کہ آئندہ بجٹ میں عوام پر کوئی نیا ٹیکس نہیں لگایا جائے گا، سرکاری ملازمین کی تنخواہوں اور پنشن میں اضافہ کیا جائے گا اور ترقیاتی منصوبوں کے لیے خطیر رقم مختص کی جائے گی، انہوں نے کہا کہ معیشت بہتری کی جانب گامزن ہے۔

عدالت نے کیس کی سماعت ملتوی کرتے ہوئے فریقین کو آئندہ پیشی پر مکمل ریکارڈ کے ساتھ حاضر ہونے کا حکم دیا، وکلاء نے اپنے دلائل مکمل کیے جبکہ عدالت نے متعلقہ حکام سے تفصیلی رپورٹ طلب کر لی۔

56
خبر
وقار

منڈی کے تازہ نرخ: آلو 800 روپے فی من، پیاز 2200 روپے، ٹماٹر 1500 روپے، گندم 4500 روپے فی من، چاول باسمتی 9000 روپے فی من، جبکہ دالوں اور گھی کی قیمتوں میں بھی معمولی اضافہ ریکارڈ کیا گیا۔

57
خبر
وقار

پولیس کے مطابق ملزمان گزشتہ کئی ماہ سے شہر کے مختلف علاقوں میں وارداتوں میں ملوث تھے، ان کے قبضے سے اسلحہ، موٹر سائیکلیں اور نقدی برآمد کر لی گئی ہے، مقدمہ درج کر کے مزید تفتیش شروع کر دی گئی ہے اور دیگر ساتھیوں کی گرفتاری کے لیے چھاپے مارے جا رہے ہیں۔

خان کی صدارت میں منعقد ہوا جس میں قومی اسمبلی کے اراکین، سینیٹرز اور پارٹی عہدیداروں نے شرکت کی۔ اجلاس میں ملک کی موجودہ سیاسی صورتحال، معاشی بحران اور آئندہ انتخابات کے حوالے سے تفصیلی غور کیا گیا اور مختلف تجاویز پر مشاورت کے بعد اہم فیصلے کیے گئے۔ اس موقع پر کہا گیا کہ عوام کو ریلیف فراہم کرنا حکومت کی اولین ترجیح ہے۔

58
خبر
وقار

عدالت نے کیس کی سماعت ملتوی کرتے ہوئے فریقین کو آئندہ پیشی پر مکمل ریکارڈ کے ساتھ حاضر ہونے کا حکم دیا، وکلاء نے اپنے دلائل مکمل کیے جبکہ عدالت نے متعلقہ حکام سے تفصیلی رپورٹ طلب کر لی۔

59
خبر
وقار

محکمہ موسمیات نے آئندہ چوبیس گھنٹوں کے دوران ملک کے بیشتر علاقوں میں موسم گرم اور خشک رہنے کی پیش گوئی کی ہے جبکہ بالائی علاقوں میں آندھی اور بارش کا امکان ہے، شہریوں کو احتیاطی تدابیر اختیار کرنے کی ہدایت کی گئی ہے۔

وفاقی وزیر نے پریس کانفرنس سے خطاب کرتے ہوئے کہا کہ آئندہ بجٹ میں عوام پر کوئی نیا ٹیکس نہیں لگایا جائے گا، سرکاری ملازمین کی تنخواہوں اور پنشن میں اضافہ کیا جائے گا اور ترقیاتی منصوبوں کے لیے خطیر رقم مختص کی جائے گی، انہوں نے کہا کہ معیشت بہتری کی جانب گامزن ہے۔

60
خبر
وقار

خان کی صدارت میں منعقد ہوا جس میں قومی اسمبلی کے اراکین، سینیٹرز اور پارٹی عہدیداروں نے شرکت کی۔ اجلاس میں ملک کی موجودہ سیاسی صورتحال، معاشی بحران اور آئندہ انتخابات کے حوالے سے تفصیلی غور کیا گیا اور مختلف تجاویز پر مشاورت کے بعد اہم فیصلے کیے گئے۔ اس موقع پر کہا گیا کہ عوام کو ریلیف فراہم کرنا حکومت کی اولین ترجیح ہے۔

منڈی کے تازہ نرخ: آلو 800 روپے فی من، پیاز 2200 روپے، ٹماٹر 1500 روپے، گندم 4500 روپے فی من، چاول باسمتی 9000 روپے فی من، جبکہ دالوں اور گھی کی قیمتوں میں بھی معمولی اضافہ ریکارڈ کیا گیا۔

61
خبر
وقار

پولیس کے مطابق ملزمان گزشتہ کئی ماہ سے شہر کے مختلف علاقوں میں وارداتوں میں ملوث تھے، ان کے قبضے سے اسلحہ، موٹر سائیکلیں اور نقدی برآمد کر لی گئی ہے، مقدمہ درج کر کے مزید تفتیش شروع کر دی گئی ہے اور دیگر ساتھیوں کی گرفتاری کے لیے چھاپے مارے جا رہے ہیں۔

62
خبر
وقار

عدالت نے کیس کی سماعت ملتوی کرتے ہوئے فریقین کو آئندہ پیشی پر مکمل ریکارڈ کے ساتھ حاضر ہونے کا حکم دیا، وکلاء نے اپنے دلائل مکمل کیے جبکہ عدالت نے متعلقہ حکام سے تفصیلی رپورٹ طلب کر لی۔

محکمہ موسمیات نے آئندہ چوبیس گھنٹوں کے دوران ملک کے بیشتر علاقوں میں موسم گرم اور خشک رہنے کی پیش گوئی کی ہے جبکہ بالائی علاقوں میں آندھی اور بارش کا امکان ہے، شہریوں کو احتیاطی تدابیر اختیار کرنے کی ہدایت کی گئی ہے۔

63
خبر
وقار

وفاقی وزیر نے پریس کانفرنس سے خطاب کرتے ہوئے کہا کہ آئندہ بجٹ میں عوام پر کوئی نیا ٹیکس نہیں لگایا جائے گا، سرکاری ملازمین کی تنخواہوں اور پنشن میں اضافہ کیا جائے گا اور ترقیاتی منصوبوں کے لیے خطیر رقم مختص کی جائے گی، انہوں نے کہا کہ معیشت بہتری کی جانب گامزن ہے۔

64
خبر
وقار

منڈی کے تازہ نرخ: آلو 800 روپے فی من، پیاز 2200 روپے، ٹماٹر 1500 روپے، گندم 4500 روپے فی من، چاول باسمتی 9000 روپے فی من، جبکہ دالوں اور گھی کی قیمتوں میں بھی معمولی اضافہ ریکارڈ کیا گیا۔

65
خبر
وقار

خان کی صدارت میں منعقد ہوا جس میں قومی اسمبلی کے اراکین، سینیٹرز اور پارٹی عہدیداروں نے شرکت کی۔ اجلاس میں ملک کی موجودہ سیاسی صورتحال، معاشی بحران اور آئندہ انتخابات کے حوالے سے تفصیلی غور کیا گیا اور مختلف تجاویز پر مشاورت کے بعد اہم فیصلے کیے گئے۔ اس موقع پر کہا گیا کہ عوام کو ریلیف فراہم کرنا حکومت کی اولین ترجیح ہے۔

66
خبر
وقار

پولیس کے مطابق ملزمان گزشتہ کئی ماہ سے شہر کے مختلف علاقوں میں وارداتوں میں ملوث تھے، ان کے قبضے سے اسلحہ، موٹر سائیکلیں اور نقدی برآمد کر لی گئی ہے، مقدمہ درج کر کے مزید تفتیش شروع کر دی گئی ہے اور دیگر ساتھیوں کی گرفتاری کے لیے چھاپے مارے جا رہے ہیں۔

67
خبر
وقار

محکمہ موسمیات نے آئندہ چوبیس گھنٹوں کے دوران ملک کے بیشتر علاقوں میں موسم گرم اور خشک رہنے کی پیش گوئی کی ہے جبکہ بالائی علاقوں میں آندھی اور بارش کا امکان ہے، شہریوں کو احتیاطی تدابیر اختیار کرنے کی ہدایت کی گئی ہے۔

بعدالت جناب عثمان رئیس صاحب سول جج فیملی کورٹ قائد آباد تحصیل قائد آباد ضلع خوشاب

دعویٰ تنسیخ نکاح بوجہ خلع

مقدمہ مندرجہ عنوان بالا میں عدالت ہذا کو یقین ہو چکا ہے کہ مدعا علیہ عمداً روپوش ہے اور عام طریقہ سے تعمیل نہیں ہو سکتی، لہذا بذریعہ اشتہار ہذا اطلاع دی جاتی ہے کہ بتاریخ 14-6-2023 بوقت 8 بجے صبح حاضر عدالت ہو کر پیروی مقدمہ کرے۔

مہر عدالت
دستخط حاکم

بعدالت جناب محمد ضیغم صاحب سول جج راولپنڈی

دعویٰ استقرار حق

ہرگاہ کہ مقدمہ مندرجہ بالا میں مدعا علیہان کی تعمیل بذریعہ عام طریقہ نہیں ہو سکی لہذا بذریعہ اشتہار مطلع کیا جاتا ہے کہ بتاریخ 17-06-2023 بوقت 8 بجے صبح اصالتاً یا وکالتاً حاضر عدالت ہوں۔

مہر عدالت
دستخط حاکم

بعدالت محترمہ مسرت انساء صاحبہ سول جج راولپنڈی

دعویٰ دلاپانے

مقدمہ مندرجہ عنوان بالا میں مدعا علیہ کو بذریعہ اشتہار ہذا مطلع کیا جاتا ہے کہ بتاریخ 20-06-2023 بوقت 8 بجے صبح عدالت ہذا میں حاضر ہوں بصورت دیگر یکطرفہ کاروائی عمل میں لائی جائے گی۔

مہر عدالت
دستخط حاکم

بعدالت محترمہ مسرت انساء صاحبہ سول جج راولپنڈی

دعویٰ

ہرگاہ کہ مقدمہ مندرجہ بالا میں مدعا علیہ کو اطلاع دی جاتی ہے کہ بتاریخ 16-06-2023 بوقت 8 بجے صبح حاضر عدالت ہوں۔

مہر عدالت
دستخط حاکم

بعدالت جناب عمران فاروق شاہ صاحب سینئر سول جج گارڈین جج ضلع شیخوپورہ

درخواست حصول گارڈین شپ

ہرگاہ کہ مقدمہ مندرجہ عنوان بالا میں عدالت ہذا کو اطمینان ہو چکا ہے کہ مسئول علیہ عمداً روپوش ہے لہذا بذریعہ اشتہار ہذا اطلاع دی جاتی ہے کہ بتاریخ 15-6-2023 بوقت 8 بجے صبح حاضر ہوں۔

مہر عدالت
دستخط حاکم

بعدالت جناب اللہ یار بھٹی صاحب سول جج فیملی کورٹ جتوئی

دعویٰ تنسیخ نکاح

مقدمہ مندرجہ عنوان بالا میں مدعا علیہ کو بذریعہ اشتہار ہذا مطلع کیا جاتا ہے کہ بتاریخ 15-6-2023 بوقت 8 بجے صبح اصالتاً یا وکالتاً حاضر عدالت ہو۔

مہر عدالت
دستخط حاکم

بعدالت جناب اللہ یار بھٹی صاحب سول جج فیملی کورٹ تونسہ

دعویٰ حصول خرچہ

مقدمہ مندرجہ عنوان بالا میں مدعا علیہ کو بذریعہ اشتہار ہذا اطلاع دی جاتی ہے کہ بتاریخ 14-6-2023 بوقت 8 بجے صبح حاضر ہو کر جواب دعویٰ داخل کرے۔

مہر عدالت
دستخط حاکم

بعدالت جناب نوید احمد ملک صاحب گارڈین جج IV لاہور

درخواست حصول حضانت نابالغان

ہرگاہ کہ مقدمہ مندرجہ عنوان بالا میں عدالت ہذا کو باقاعدہ تعمیل سے اطمینان ہو چکا ہے کہ مسئول علیہ عمداً روپوش ہے۔ لہذا بذریعہ اشتہار اخبار اطلاع دی جاتی ہے کہ بتاریخ 13-6-2023 بوقت 8 بجے صبح حاضر ہو کر پیروی کریں۔ بصورت دیگر کاروائی حسب ضابطہ عمل میں لائی جائے گی۔

مہر عدالت
260
دستخط حاکم

بعدالت جناب قاضی حنیف صاحبہ سول جج درجہ اول جہلم

نمبر 15/23

مقدمہ مندرجہ عنوان بالا میں مسئول علیہ کو متعدد بار طلب کیا گیا مگر تعمیل نہ ہو سکی۔ لہذا بذریعہ اشتہار ہذا اطلاع دی جاتی ہے کہ بتاریخ 21-6-2023 بوقت 8 بجے صبح اصالتاً یا وکالتاً حاضر عدالت ہوں۔

مہر عدالت
دستخط حاکم

بعدالت جناب نوید احمد ملک صاحب گارڈین جج IV لاہور

دعویٰ تنسیخ نکاح

ہرگاہ کہ مقدمہ مندرجہ عنوان بالا میں مدعا علیہ کی تعمیل بذریعہ عام طریقہ سے نہیں ہو سکی، لہذا بذریعہ اشتہار ہذا اطلاع دی جاتی ہے کہ بتاریخ 15-6-2023 بوقت 8 بجے صبح عدالت ہذا میں حاضر ہوں۔ بصورت دیگر یکطرفہ کاروائی عمل میں لائی جائے گی۔

مہر عدالت
دستخط حاکم

بعدالت جناب خالد محمود وڑائچ صاحب سول جج راولپنڈی

درخواست حصول نان و نفقہ

ہرگاہ کہ مقدمہ مندرجہ بالا میں عدالت ہذا کو یقین ہو چکا ہے کہ مسئول علیہ روپوش ہے لہذا بذریعہ اشتہار ہذا مطلع کیا جاتا ہے کہ بتاریخ 17-6-2023 بوقت 8 بجے صبح حاضر عدالت ہوں۔

مہر عدالت
دستخط حاکم

بعدالت جناب اللہ یار بھٹی صاحب سول جج فیملی کورٹ چنیوٹ

دعویٰ تنسیخ نکاح

مسماۃ بنام وغیرہ مقدمہ مندرجہ عنوان بالا میں عدالت ہذا کو اطمینان ہو چکا ہے کہ مدعا علیہ عدالتی سمن کی تعمیل سے گریزاں ہے، لہذا اطلاع دی جاتی ہے کہ بتاریخ 17-6-2023 بوقت 8 بجے صبح حاضر ہوں۔

مہر عدالت
دستخط حاکم

بعدالت جناب ابان اللہ یار بھٹی صاحب سول جج فیملی کورٹ تحصیل بھواند

دعویٰ تنسیخ نکاح

مقدمہ مندرجہ عنوان بالا میں مدعا علیہ کو بذریعہ اشتہار ہذا مطلع کیا جاتا ہے کہ بتاریخ 15-6-2023 بوقت 8 بجے صبح اصالتاً یا وکالتاً حاضر ہو کر جواب دعویٰ داخل کرے۔ بصورت دیگر کاروائی یکطرفہ عمل میں لائی جائے گی۔

مہر عدالت
دستخط حاکم

بعدالت جناب نائلہ ظفر صاحبہ سول جج فیملی کورٹ دیپالپور

دعویٰ حصول خرچہ

ہرگاہ کہ مقدمہ مندرجہ بالا میں مدعا علیہ کو بذریعہ اشتہار ہذا اطلاع دی جاتی ہے کہ بتاریخ 15-6-2023 بوقت 8 بجے صبح حاضر عدالت ہوں بصورت دیگر یکطرفہ کاروائی عمل میں لائی جائے گی۔

مہر عدالت
دستخط حاکم
